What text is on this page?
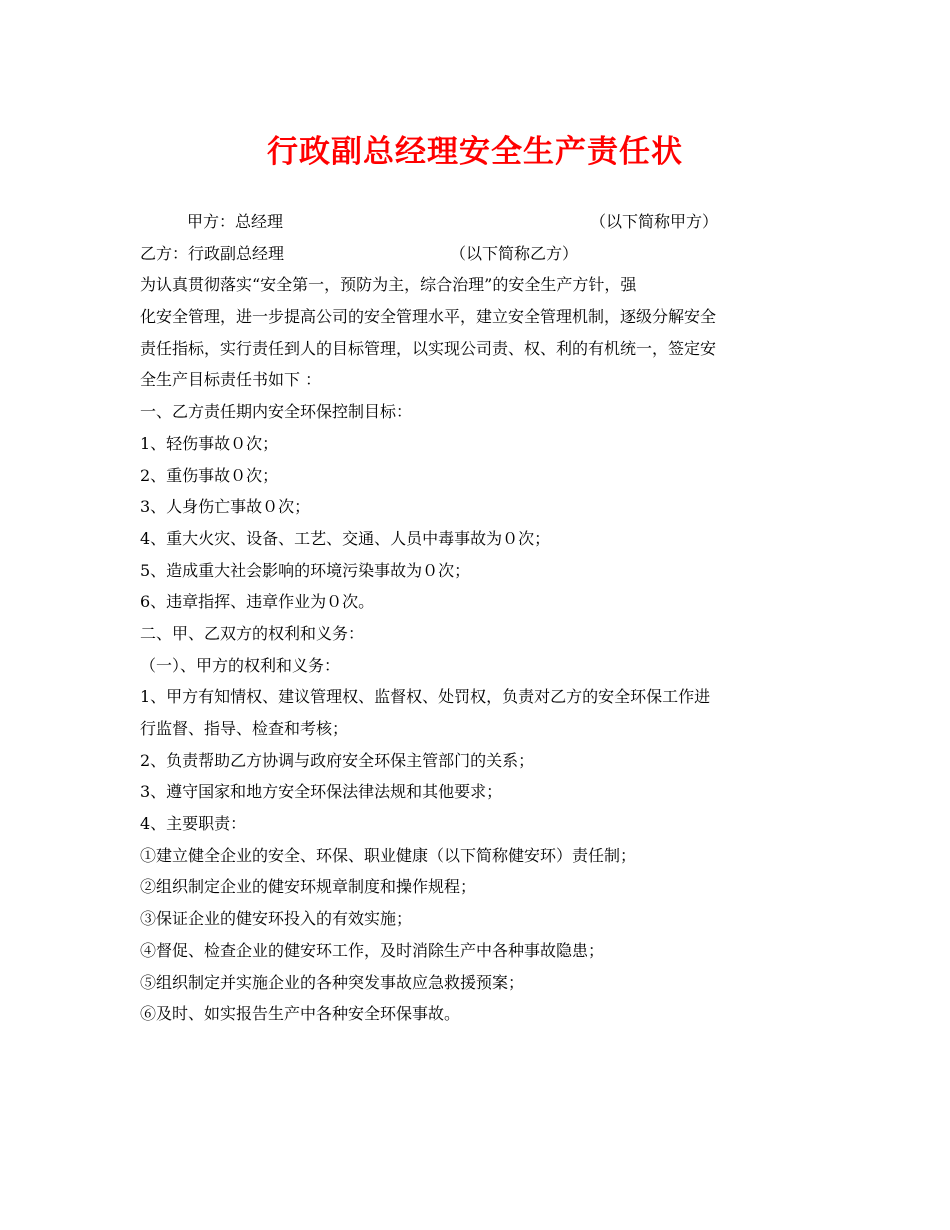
行政副总经理安全生产责任状
甲方：总经理	（以下简称甲方）
乙方：行政副总经理	（以下简称乙方）
为认真贯彻落实“安全第一，预防为主，综合治理”的安全生产方针，强
化安全管理，进一步提高公司的安全管理水平，建立安全管理机制，逐级分解安全
责任指标，实行责任到人的目标管理，以实现公司责、权、利的有机统一，签定安
全生产目标责任书如下 ：
一、乙方责任期内安全环保控制目标：
1、轻伤事故０次；
2、重伤事故０次；
3、人身伤亡事故０次；
4、重大火灾、设备、工艺、交通、人员中毒事故为０次；
5、造成重大社会影响的环境污染事故为０次；
6、违章指挥、违章作业为０次。
二、甲、乙双方的权利和义务：
（一）、甲方的权利和义务：
1、甲方有知情权、建议管理权、监督权、处罚权，负责对乙方的安全环保工作进
行监督、指导、检查和考核；
2、负责帮助乙方协调与政府安全环保主管部门的关系；
3、遵守国家和地方安全环保法律法规和其他要求；
4、主要职责：
①建立健全企业的安全、环保、职业健康（以下简称健安环）责任制；
②组织制定企业的健安环规章制度和操作规程；
③保证企业的健安环投入的有效实施；
④督促、检查企业的健安环工作，及时消除生产中各种事故隐患；
⑤组织制定并实施企业的各种突发事故应急救援预案；
⑥及时、如实报告生产中各种安全环保事故。
